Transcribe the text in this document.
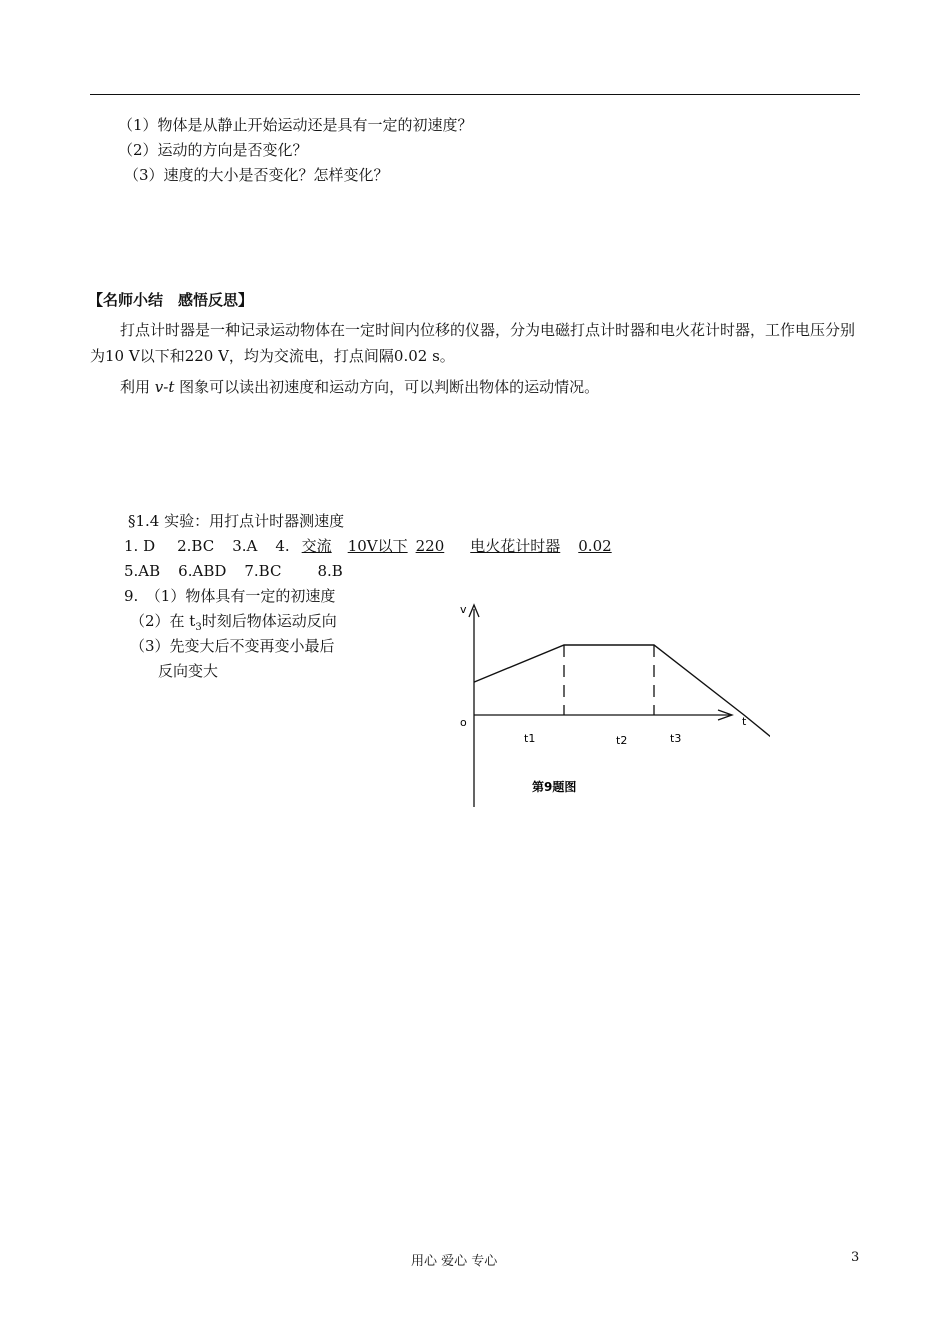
（1）物体是从静止开始运动还是具有一定的初速度？
（2）运动的方向是否变化？
（3）速度的大小是否变化？怎样变化？
【名师小结　感悟反思】
打点计时器是一种记录运动物体在一定时间内位移的仪器，分为电磁打点计时器和电火花计时器，工作电压分别为10 V以下和220 V，均为交流电，打点间隔0.02 s。
利用 v-t 图象可以读出初速度和运动方向，可以判断出物体的运动情况。
§1.4 实验：用打点计时器测速度
1. D 2.BC 3.A 4. 交流 10V以下 220 电火花计时器 0.02
5.AB 6.ABD 7.BC 8.B
9.　（1）物体具有一定的初速度
（2）在 $t_3$时刻后物体运动反向
（3）先变大后不变再变小最后
反向变大
v
t
o
t1	t2	t3
第9题图
用心 爱心 专心	3
